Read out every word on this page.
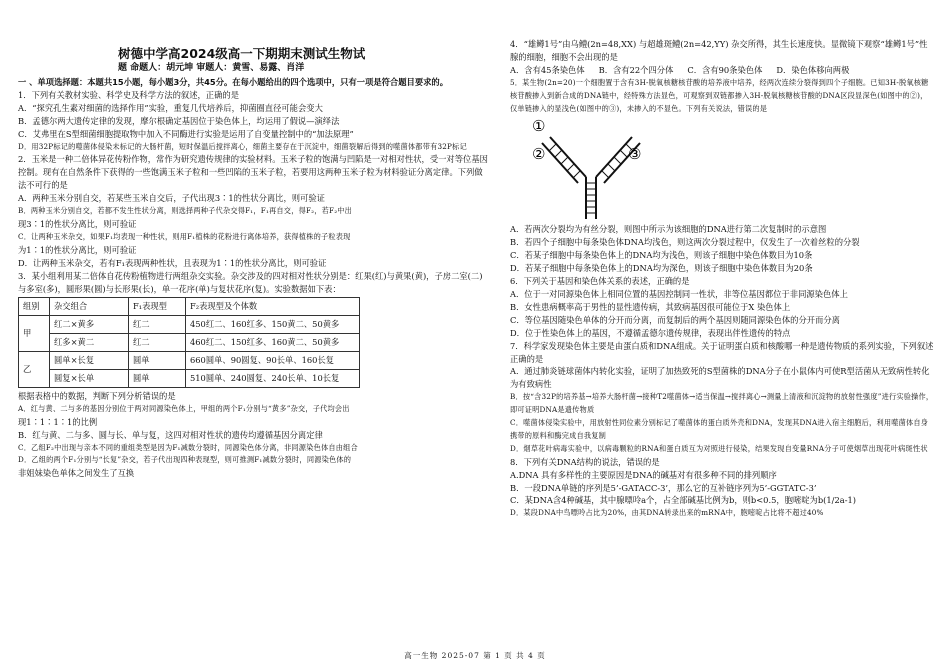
树德中学高2024级高一下期期末测试生物试
题 命题人：胡元坤 审题人：黄雪、易露、肖洋

一 、单项选择题：本题共15小题，每小题3分，共45分。在每小题给出的四个选项中，只有一项是符合题目要求的。

1．下列有关教材实验、科学史及科学方法的叙述，正确的是

A．“探究孔生素对细菌的选择作用”实验，重复几代培养后，抑菌圈直径可能会变大

B．孟德尔两大遗传定律的发现，摩尔根确定基因位于染色体上，均运用了假说—演绎法

C．艾弗里在S型细菌细胞提取物中加入不同酶进行实验是运用了自变量控制中的“加法原理”

D．用32P标记的噬菌体侵染未标记的大肠杆菌，短时保温后搅拌离心，细菌主要存在于沉淀中，细菌裂解后得到的噬菌体都带有32P标记

2．玉米是一种二倍体异花传粉作物，常作为研究遗传规律的实验材料。玉米子粒的饱满与凹陷是一对相对性状，受一对等位基因控制。现有在自然条件下获得的一些饱满玉米子粒和一些凹陷的玉米子粒，若要用这两种玉米子粒为材料验证分离定律。下列做法不可行的是

A．两种玉米分别自交，若某些玉米自交后，子代出现3∶1的性状分离比，则可验证

B．两种玉米分别自交，若都不发生性状分离，则选择两种子代杂交得F₁，F₁再自交，得F₂，若F₂中出

现3∶1的性状分离比，则可验证

C．让两种玉米杂交，如果F₁均表现一种性状，则用F₁植株的花粉进行离体培养，获得植株的子粒表现

为1∶1的性状分离比，则可验证

D．让两种玉米杂交，若有F₁表现两种性状，且表现为1∶1的性状分离比，则可验证

3．某小组利用某二倍体自花传粉植物进行两组杂交实验。杂交涉及的四对相对性状分别是：红果(红)与黄果(黄)，子房二室(二)与多室(多)，圆形果(圆)与长形果(长)，单一花序(单)与复状花序(复)。实验数据如下表：

组别	杂交组合	F₁表现型	F₂表现型及个体数
甲	红二×黄多	红二	450红二、160红多、150黄二、50黄多
	红多×黄二	红二	460红二、150红多、160黄二、50黄多
乙	圆单×长复	圆单	660圆单、90圆复、90长单、160长复
	圆复×长单	圆单	510圆单、240圆复、240长单、10长复

根据表格中的数据，判断下列分析错误的是

A．红与黄、二与多的基因分别位于两对同源染色体上，甲组的两个F₁分别与“黄多”杂交，子代均会出

现1∶1∶1∶1的比例

B．红与黄、二与多、圆与长、单与复，这四对相对性状的遗传均遵循基因分离定律

C．乙组F₂中出现与亲本不同的重组类型是因为F₁减数分裂时，同源染色体分离，非同源染色体自由组合

D．乙组的两个F₁分别与“长复”杂交，若子代出现四种表现型，则可推测F₁减数分裂时，同源染色体的

非姐妹染色单体之间发生了互换

4．“雄鳟1号”由乌鳢(2n=48,XX) 与超雄斑鳢(2n=42,YY) 杂交所得，其生长速度快。显微镜下观察“雄鳟1号”性腺的细胞，细胞不会出现的是

A．含有45条染色体 B．含有22个四分体 C．含有90条染色体 D．染色体移向两极

5．某生物(2n=20)一个细胞置于含有3H-脱氧核糖核苷酸的培养液中培养，经两次连续分裂得到四个子细胞。已知3H-脱氧核糖核苷酸掺入到新合成的DNA链中，经特殊方法显色，可观察到双链都掺入3H-脱氧核糖核苷酸的DNA区段显深色(如图中的②)，仅单链掺入的显浅色(如图中的③)，未掺入的不显色。下列有关说法，错误的是

①
②	③

A．若两次分裂均为有丝分裂，则图中所示为该细胞的DNA进行第二次复制时的示意图

B．若四个子细胞中每条染色体DNA均浅色，则这两次分裂过程中，仅发生了一次着丝粒的分裂

C．若某子细胞中每条染色体上的DNA均为浅色，则该子细胞中染色体数目为10条

D．若某子细胞中每条染色体上的DNA均为深色，则该子细胞中染色体数目为20条

6．下列关于基因和染色体关系的表述，正确的是

A．位于一对同源染色体上相同位置的基因控制同一性状，非等位基因都位于非同源染色体上

B．女性患病概率高于男性的显性遗传病，其致病基因很可能位于X 染色体上

C．等位基因随染色单体的分开而分离，而复制后的两个基因则随同源染色体的分开而分离

D．位于性染色体上的基因，不遵循孟德尔遗传规律，表现出伴性遗传的特点

7．科学家发现染色体主要是由蛋白质和DNA组成。关于证明蛋白质和核酸哪一种是遗传物质的系列实验，下列叙述正确的是

A．通过肺炎链球菌体内转化实验，证明了加热致死的S型菌株的DNA分子在小鼠体内可使R型活菌从无致病性转化为有致病性

B．按“含32P的培养基→培养大肠杆菌→接种T2噬菌体→适当保温→搅拌离心→测量上清液和沉淀物的放射性强度”进行实验操作，即可证明DNA是遗传物质

C．噬菌体侵染实验中，用放射性同位素分别标记了噬菌体的蛋白质外壳和DNA，发现其DNA进入宿主细胞后，利用噬菌体自身携带的原料和酶完成自我复制

D．烟草花叶病毒实验中，以病毒颗粒的RNA和蛋白质互为对照进行侵染，结果发现自变量RNA分子可使烟草出现花叶病斑性状

8．下列有关DNA结构的说法，错误的是

A.DNA 具有多样性的主要原因是DNA的碱基对有很多种不同的排列顺序

B．一段DNA单链的序列是5’-GATACC-3’，那么它的互补链序列为5’-GGTATC-3’

C．某DNA含4种碱基，其中腺嘌呤a个，占全部碱基比例为b，则b<0.5，胞嘧啶为b(1/2a-1)

D．某段DNA中鸟嘌呤占比为20%，由其DNA转录出来的mRNA中，胞嘧啶占比将不超过40%

高一生物 2025-07 第 1 页 共 4 页
